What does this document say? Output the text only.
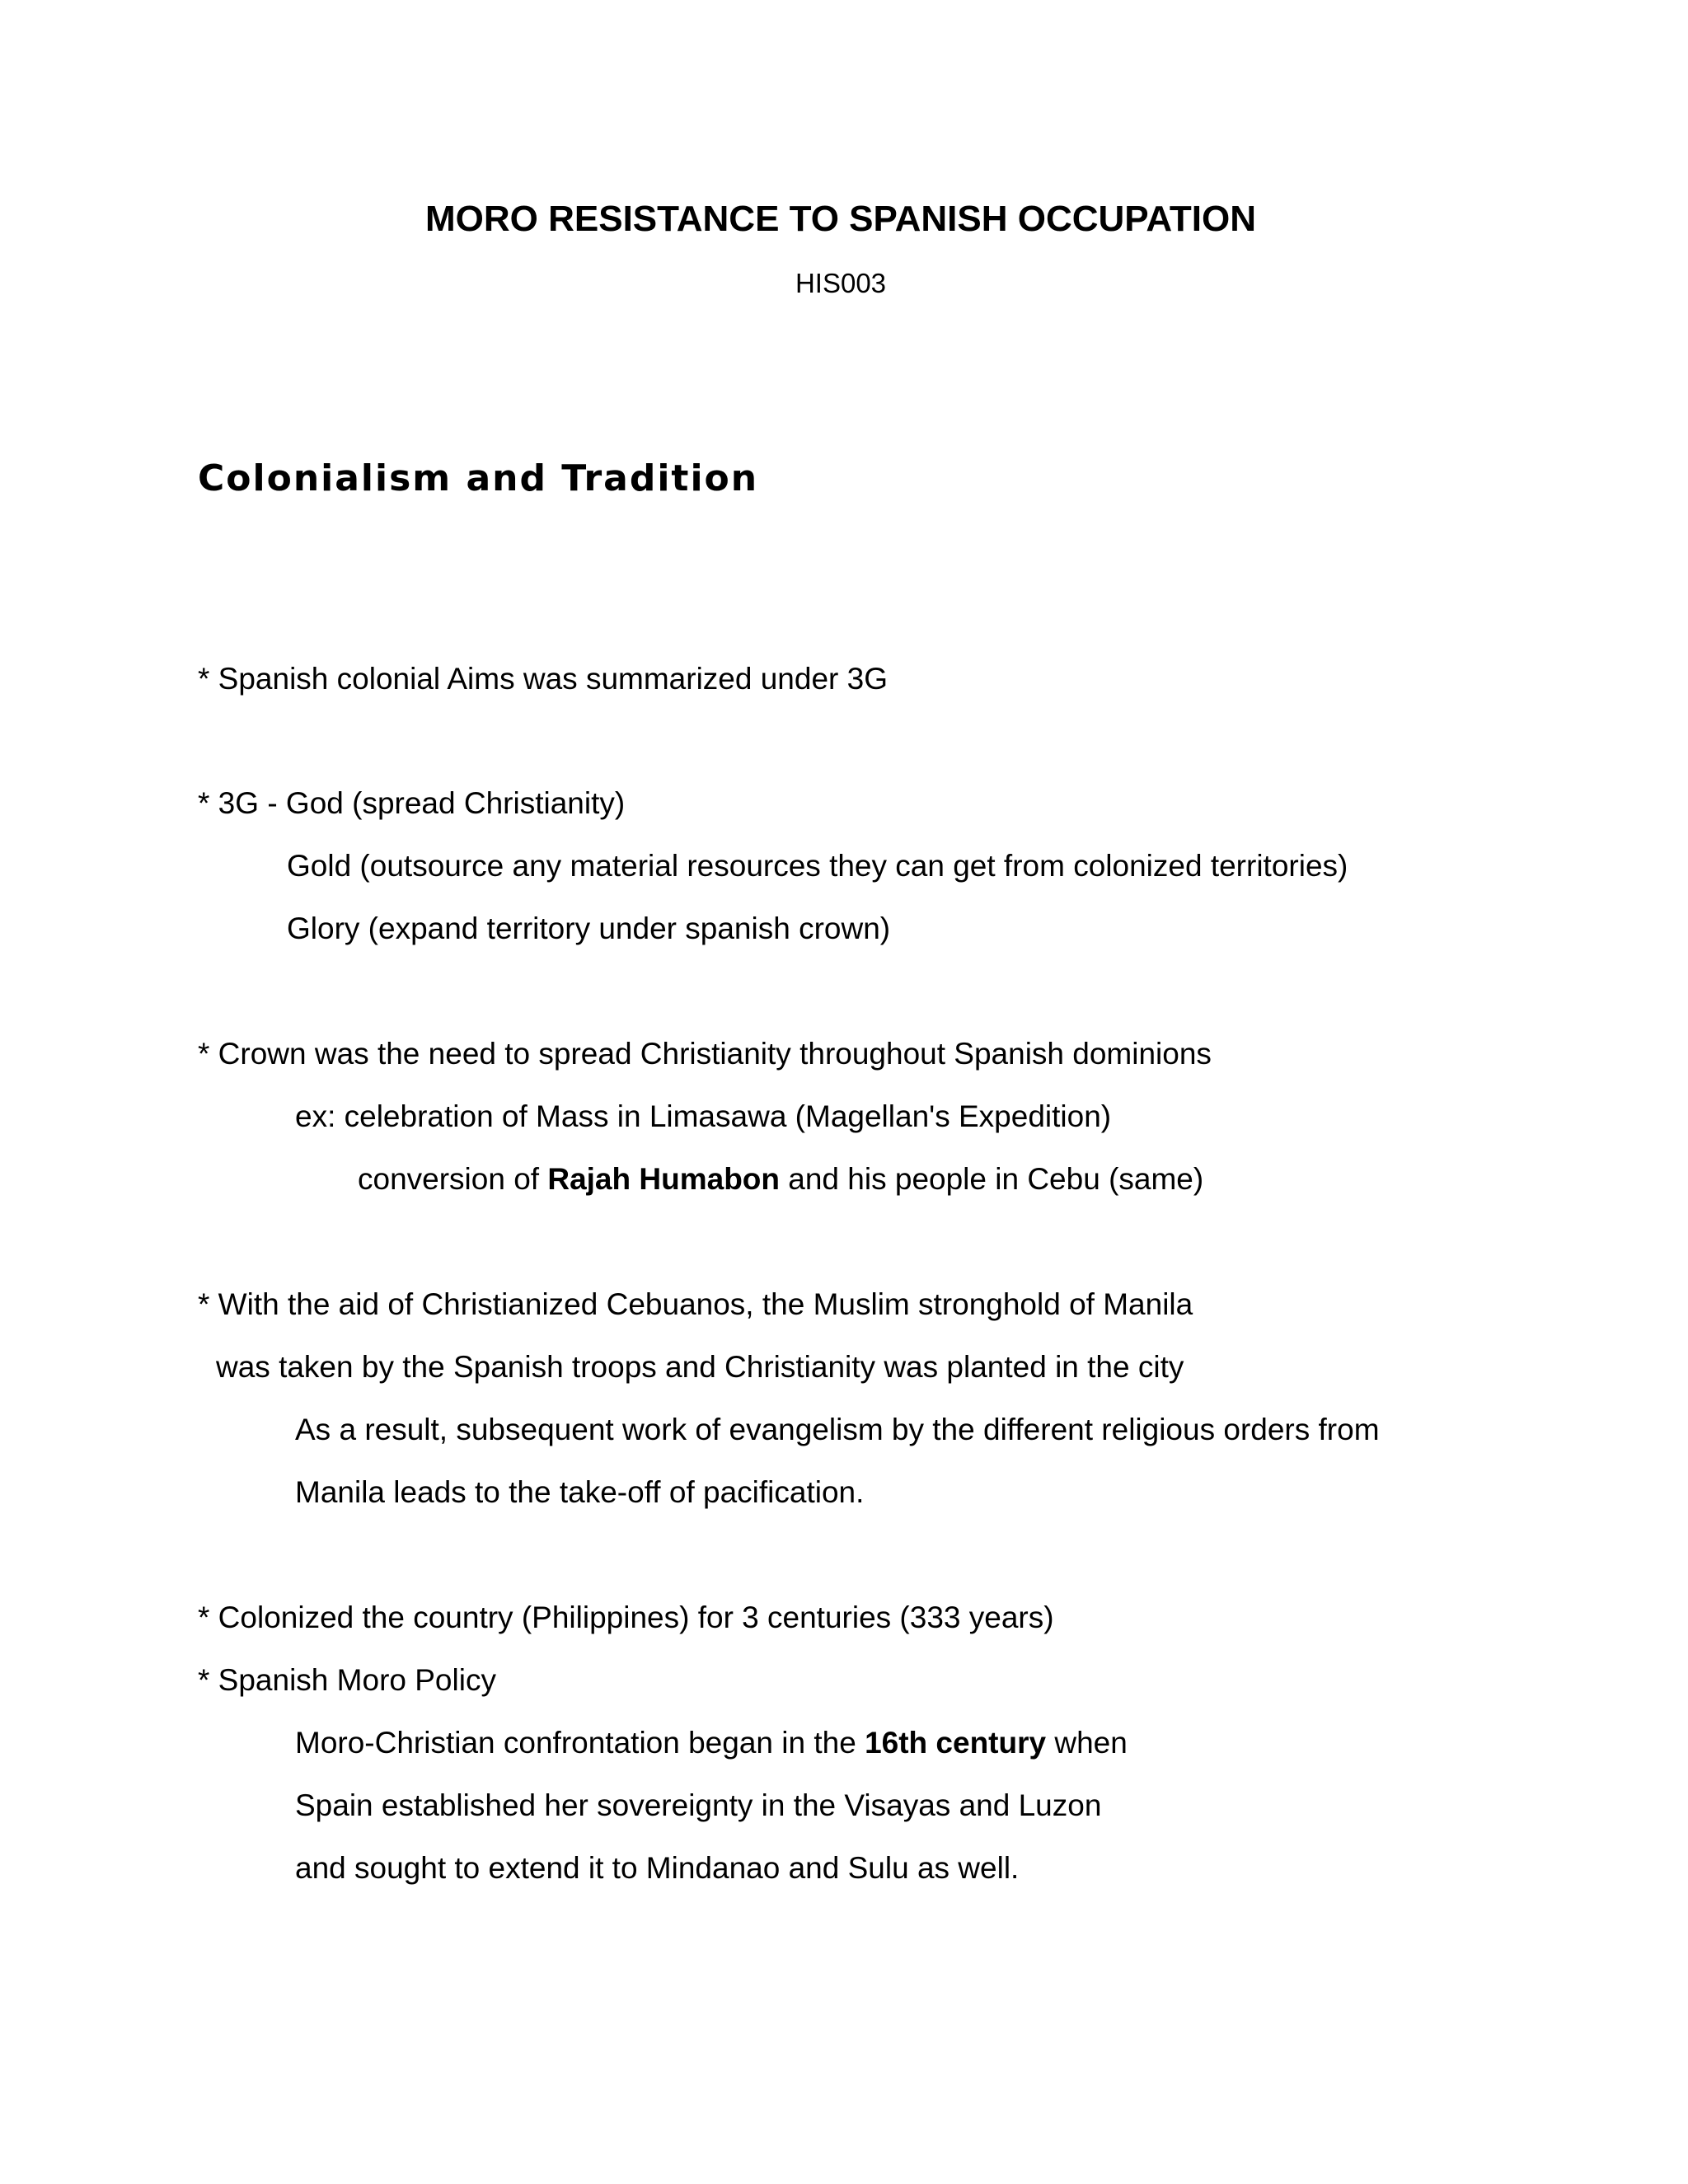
MORO RESISTANCE TO SPANISH OCCUPATION
HIS003
Colonialism and Tradition
* Spanish colonial Aims was summarized under 3G
* 3G - God (spread Christianity)
Gold (outsource any material resources they can get from colonized territories)
Glory (expand territory under spanish crown)
* Crown was the need to spread Christianity throughout Spanish dominions
ex: celebration of Mass in Limasawa (Magellan's Expedition)
conversion of Rajah Humabon and his people in Cebu (same)
* With the aid of Christianized Cebuanos, the Muslim stronghold of Manila
was taken by the Spanish troops and Christianity was planted in the city
As a result, subsequent work of evangelism by the different religious orders from
Manila leads to the take-off of pacification.
* Colonized the country (Philippines) for 3 centuries (333 years)
* Spanish Moro Policy
Moro-Christian confrontation began in the 16th century when
Spain established her sovereignty in the Visayas and Luzon
and sought to extend it to Mindanao and Sulu as well.
